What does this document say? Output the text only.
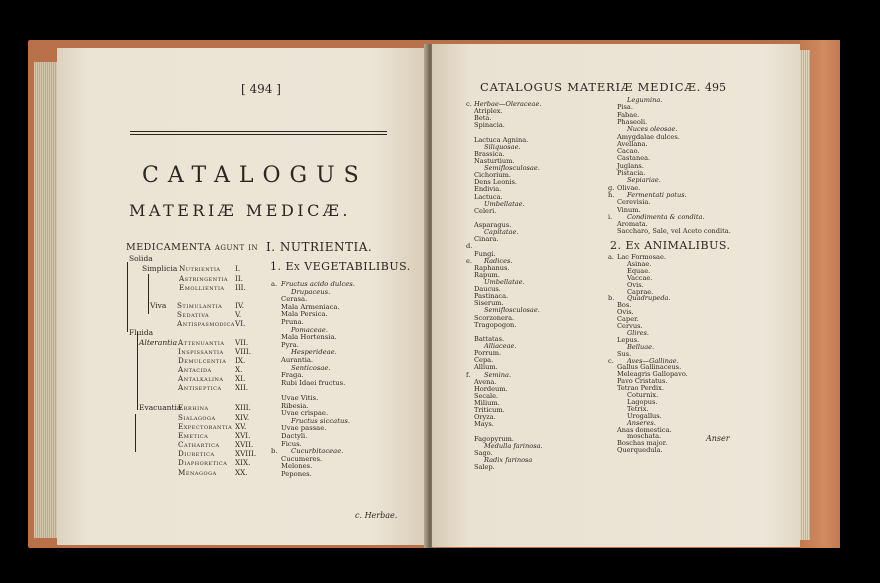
[ 494 ]
CATALOGUS
MATERIÆ MEDICÆ.
MEDICAMENTA agunt in I. NUTRIENTIA.
1. Ex VEGETABILIBUS.
Solida
Simplicia
Viva
Fluida
Alterantia
Evacuantia
Nutrientia I.
Astringentia II.
Emollientia III.
Stimulantia IV.
Sedativa	V.
Antispasmodica VI.
Attenuantia VII.
Inspissantia VIII.
Demulcentia IX.
Antacida	X.
Antalkalina XI.
Antiseptica XII.
Errhina	XIII.
Sialagoga	XIV.
Expectorantia XV.
Emetica	XVI.
Cathartica XVII.
Diuretica	XVIII.
Diaphoretica XIX.
Menagoga	XX.
a. Fructus acido dulces.
Drupaceus.
Cerasa.
Mala Armeniaca.
Mala Persica.
Pruna.
Pomaceae.
Mala Hortensia.
Pyra.
Hesperideae.
Aurantia.
Senticosae.
Fraga.
Rubi Idaei fructus.
Uvae Vitis.
Ribesia.
Uvae crispae.
Fructus siccatus.
Uvae passae.
Dactyli.
Ficus.
b. Cucurbitaceae.
Cucumeres.
Melones.
Pepones.
c. Herbae.
CATALOGUS MATERIÆ MEDICÆ. 495
c. Herbae—Oleraceae.
Atriplex.
Beta.
Spinacia.
Lactuca Agnina.
Siliquosae.
Brassica.
Nasturtium.
Semiflosculosae.
Cichorium.
Dens Leonis.
Endivia.
Lactuca.
Umbellatae.
Celeri.
Asparagus.
Capitatae.
Cinara.
d.
Fungi.
e. Radices.
Raphanus.
Rapum.
Umbellatae.
Daucus.
Pastinaca.
Siserum.
Semiflosculosae.
Scorzonera.
Tragopogon.
Battatas.
Alliaceae.
Porrum.
Cepa.
Allium.
f. Semina.
Avena.
Hordeum.
Secale.
Milium.
Triticum.
Oryza.
Mays.
Fagopyrum.
Medulla farinosa.
Sago.
Radix farinosa
Salep.
Legumina.
Pisa.
Fabae.
Phaseoli.
Nuces oleosae.
Amygdalae dulces.
Avellana.
Cacao.
Castanea.
Juglans.
Pistacia.
Sepiariae.
g. Olivae.
h. Fermentati potus.
Cerevisia.
Vinum.
i. Condimenta & condita.
Aromata.
Saccharo, Sale, vel Aceto condita.
2. Ex ANIMALIBUS.
a. Lac Formosae.
Asinae.
Equae.
Vaccae.
Ovis.
Caprae.
b. Quadrupeda.
Bos.
Ovis.
Caper.
Cervus.
Glires.
Lepus.
Belluae.
Sus.
c. Aves—Gallinae.
Gallus Gallinaceus.
Meleagris Gallopavo.
Pavo Cristatus.
Tetrao Perdix.
Coturnix.
Lagopus.
Tetrix.
Urogallus.
Anseres.
Anas domestica.
moschata.
Boschas major.
Querquedula.
Anser
